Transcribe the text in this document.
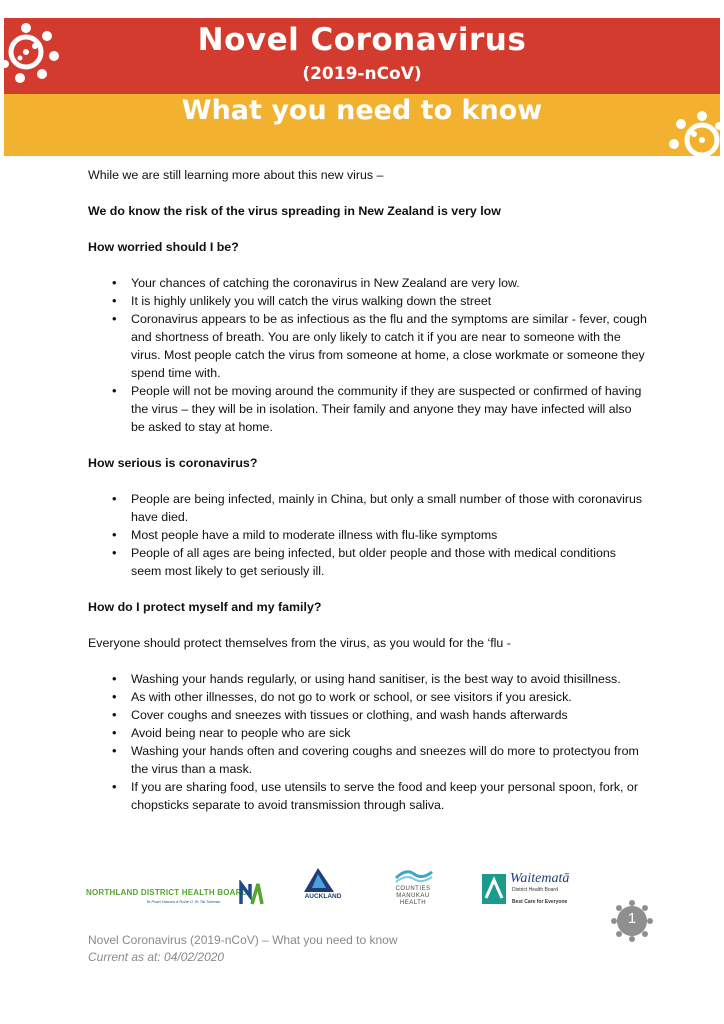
Novel Coronavirus
(2019-nCoV)
What you need to know
While we are still learning more about this new virus –
We do know the risk of the virus spreading in New Zealand is very low
How worried should I be?
• Your chances of catching the coronavirus in New Zealand are very low.
• It is highly unlikely you will catch the virus walking down the street
• Coronavirus appears to be as infectious as the flu and the symptoms are similar - fever, cough and shortness of breath. You are only likely to catch it if you are near to someone with the virus. Most people catch the virus from someone at home, a close workmate or someone they spend time with.
• People will not be moving around the community if they are suspected or confirmed of having the virus – they will be in isolation. Their family and anyone they may have infected will also be asked to stay at home.
How serious is coronavirus?
• People are being infected, mainly in China, but only a small number of those with coronavirus have died.
• Most people have a mild to moderate illness with flu-like symptoms
• People of all ages are being infected, but older people and those with medical conditions seem most likely to get seriously ill.
How do I protect myself and my family?
Everyone should protect themselves from the virus, as you would for the ‘flu -
• Washing your hands regularly, or using hand sanitiser, is the best way to avoid thisillness.
• As with other illnesses, do not go to work or school, or see visitors if you aresick.
• Cover coughs and sneezes with tissues or clothing, and wash hands afterwards
• Avoid being near to people who are sick
• Washing your hands often and covering coughs and sneezes will do more to protectyou from the virus than a mask.
• If you are sharing food, use utensils to serve the food and keep your personal spoon, fork, or chopsticks separate to avoid transmission through saliva.
NORTHLAND DISTRICT HEALTH BOARD
Te Poari Hauora ā Rohe O Te Tai Tokerau
AUCKLAND
COUNTIES
MANUKAU
HEALTH
Waitematā
District Health Board
Best Care for Everyone
1
Novel Coronavirus (2019-nCoV) – What you need to know
Current as at: 04/02/2020
